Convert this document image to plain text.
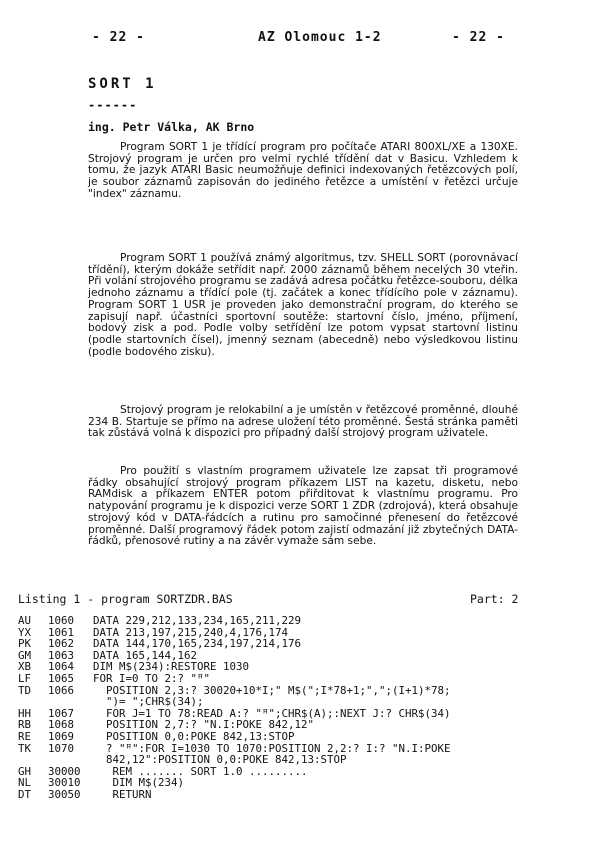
- 22 -	AZ Olomouc 1-2	- 22 -
SORT 1
------
ing. Petr Válka, AK Brno

Program SORT 1 je třídící program pro počítače ATARI 800XL/XE a 130XE. Strojový program je určen pro velmi rychlé třídění dat v Basicu. Vzhledem k tomu, že jazyk ATARI Basic neumožňuje definici indexovaných řetězcových polí, je soubor záznamů zapisován do jediného řetězce a umístění v řetězci určuje "index" záznamu.

Program SORT 1 používá známý algoritmus, tzv. SHELL SORT (porovnávací třídění), kterým dokáže setřídit např. 2000 záznamů během necelých 30 vteřin. Při volání strojového programu se zadává adresa počátku řetězce-souboru, délka jednoho záznamu a třídící pole (tj. začátek a konec třídícího pole v záznamu). Program SORT 1 USR je proveden jako demonstrační program, do kterého se zapisují např. účastníci sportovní soutěže: startovní číslo, jméno, příjmení, bodový zisk a pod. Podle volby setřídění lze potom vypsat startovní listinu (podle startovních čísel), jmenný seznam (abecedně) nebo výsledkovou listinu (podle bodového zisku).

Strojový program je relokabilní a je umístěn v řetězcové proměnné, dlouhé 234 B. Startuje se přímo na adrese uložení této proměnné. Šestá stránka paměti tak zůstává volná k dispozici pro případný další strojový program uživatele.

Pro použití s vlastním programem uživatele lze zapsat tři programové řádky obsahující strojový program příkazem LIST na kazetu, disketu, nebo RAMdisk a příkazem ENTER potom přiřditovat k vlastnímu programu. Pro natypování programu je k dispozici verze SORT 1 ZDR (zdrojová), která obsahuje strojový kód v DATA-řádcích a rutinu pro samočinné přenesení do řetězcové proměnné. Další programový řádek potom zajistí odmazání již zbytečných DATA-řádků, přenosové rutiny a na závěr vymaže sám sebe.

Listing 1 - program SORTZDR.BAS	Part: 2
AU	1060	DATA 229,212,133,234,165,211,229
YX	1061	DATA 213,197,215,240,4,176,174
PK	1062	DATA 144,170,165,234,197,214,176
GM	1063	DATA 165,144,162
XB	1064	DIM M$(234):RESTORE 1030
LF	1065	FOR I=0 TO 2:? "ꟸ"
TD	1066	POSITION 2,3:? 30020+10*I;" M$(";I*78+1;",";(I+1)*78;
")= ";CHR$(34);
HH	1067	FOR J=1 TO 78:READ A:? "ꟸ";CHR$(A);:NEXT J:? CHR$(34)
RB	1068	POSITION 2,7:? "N.I:POKE 842,12"
RE	1069	POSITION 0,0:POKE 842,13:STOP
TK	1070	? "ꟸ":FOR I=1030 TO 1070:POSITION 2,2:? I:? "N.I:POKE
842,12":POSITION 0,0:POKE 842,13:STOP
GH	30000	REM ....... SORT 1.0 .........
NL	30010	DIM M$(234)
DT	30050	RETURN
